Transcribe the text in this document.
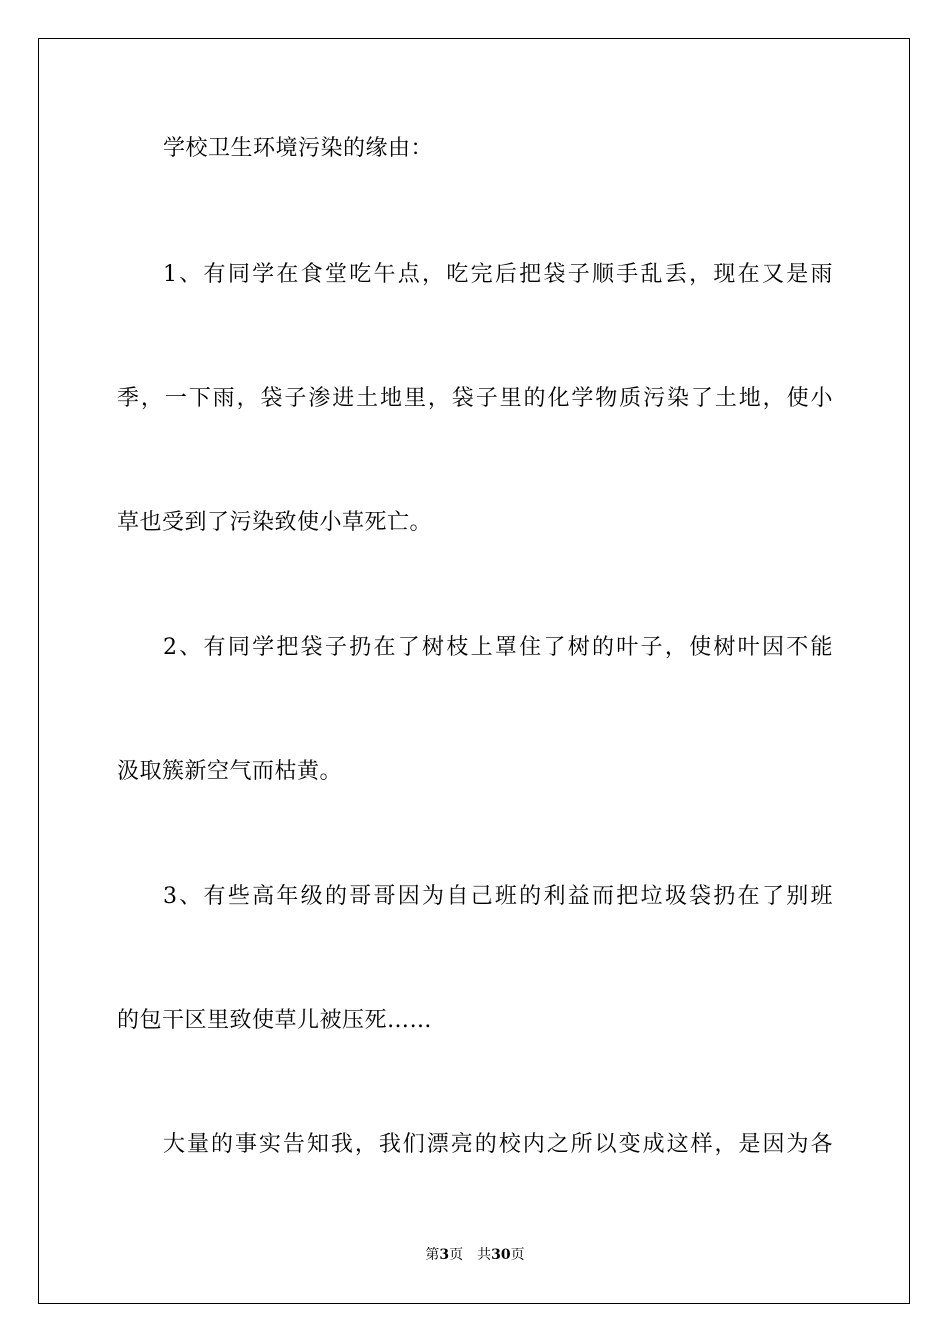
学校卫生环境污染的缘由：
1、有同学在食堂吃午点，吃完后把袋子顺手乱丢，现在又是雨
季，一下雨，袋子渗进土地里，袋子里的化学物质污染了土地，使小
草也受到了污染致使小草死亡。
2、有同学把袋子扔在了树枝上罩住了树的叶子，使树叶因不能
汲取簇新空气而枯黄。
3、有些高年级的哥哥因为自己班的利益而把垃圾袋扔在了别班
的包干区里致使草儿被压死……
大量的事实告知我，我们漂亮的校内之所以变成这样，是因为各
第3页 共30页
